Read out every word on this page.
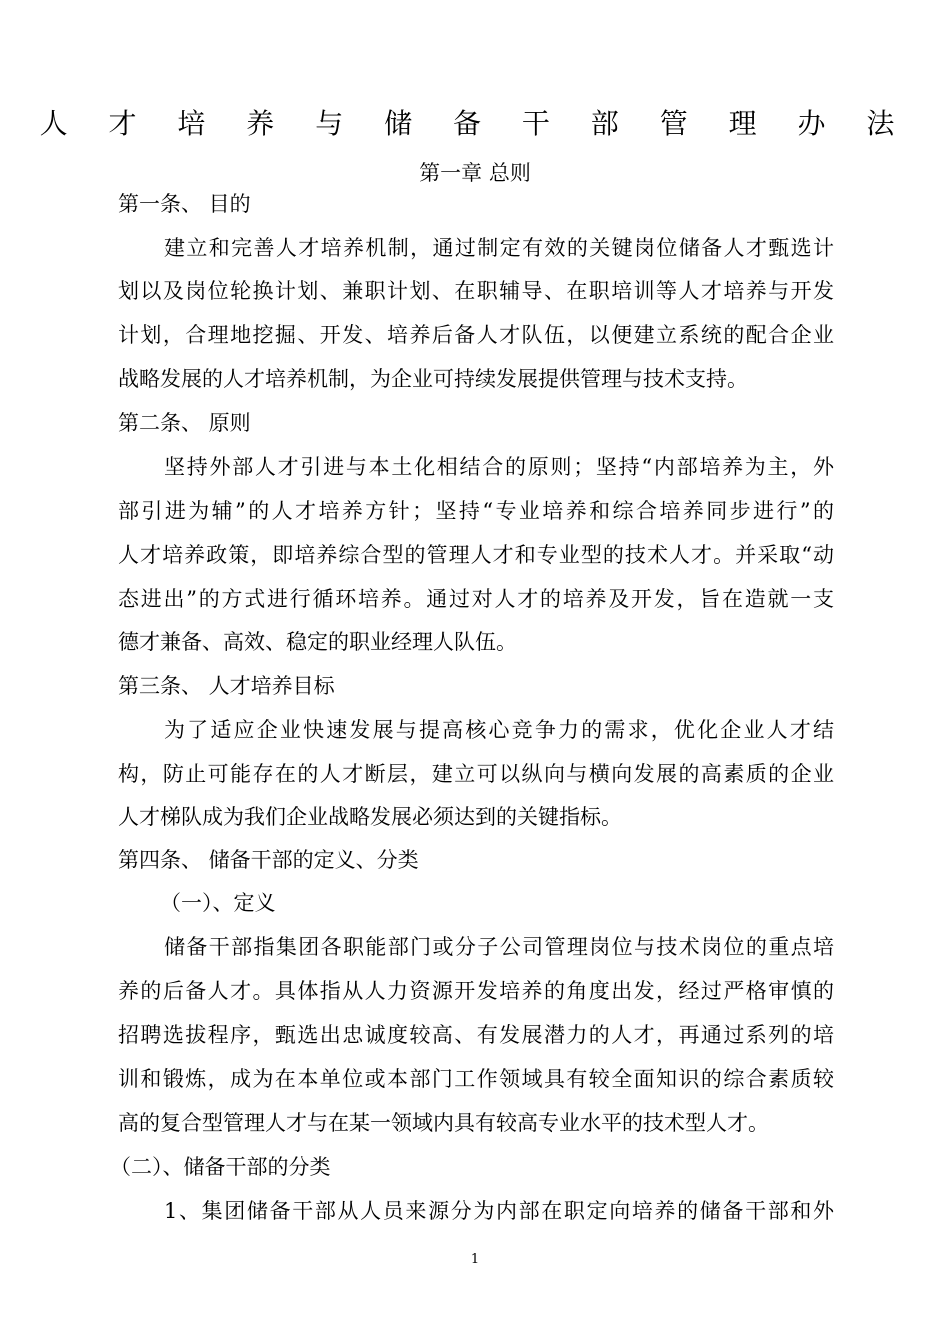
人 才 培 养 与 储 备 干 部 管 理 办 法
第一章 总则

第一条、 目的

建立和完善人才培养机制，通过制定有效的关键岗位储备人才甄选计

划以及岗位轮换计划、兼职计划、在职辅导、在职培训等人才培养与开发

计划，合理地挖掘、开发、培养后备人才队伍，以便建立系统的配合企业

战略发展的人才培养机制，为企业可持续发展提供管理与技术支持。

第二条、 原则

坚持外部人才引进与本土化相结合的原则；坚持“内部培养为主，外

部引进为辅”的人才培养方针；坚持“专业培养和综合培养同步进行”的

人才培养政策，即培养综合型的管理人才和专业型的技术人才。并采取“动

态进出”的方式进行循环培养。通过对人才的培养及开发，旨在造就一支

德才兼备、高效、稳定的职业经理人队伍。

第三条、 人才培养目标

为了适应企业快速发展与提高核心竞争力的需求，优化企业人才结

构，防止可能存在的人才断层，建立可以纵向与横向发展的高素质的企业

人才梯队成为我们企业战略发展必须达到的关键指标。

第四条、 储备干部的定义、分类

（一）、定义

储备干部指集团各职能部门或分子公司管理岗位与技术岗位的重点培

养的后备人才。具体指从人力资源开发培养的角度出发，经过严格审慎的

招聘选拔程序，甄选出忠诚度较高、有发展潜力的人才，再通过系列的培

训和锻炼，成为在本单位或本部门工作领域具有较全面知识的综合素质较

高的复合型管理人才与在某一领域内具有较高专业水平的技术型人才。

（二）、储备干部的分类

1、集团储备干部从人员来源分为内部在职定向培养的储备干部和外

1
